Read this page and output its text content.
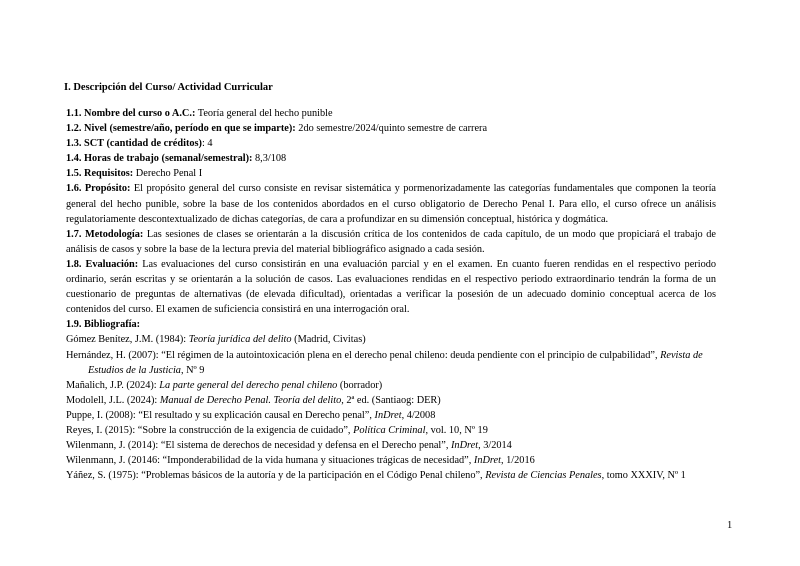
I. Descripción del Curso/ Actividad Curricular

1.1. Nombre del curso o A.C.: Teoría general del hecho punible

1.2. Nivel (semestre/año, período en que se imparte): 2do semestre/2024/quinto semestre de carrera

1.3. SCT (cantidad de créditos): 4

1.4. Horas de trabajo (semanal/semestral): 8,3/108

1.5. Requisitos: Derecho Penal I

1.6. Propósito: El propósito general del curso consiste en revisar sistemática y pormenorizadamente las categorías fundamentales que componen la teoría general del hecho punible, sobre la base de los contenidos abordados en el curso obligatorio de Derecho Penal I. Para ello, el curso ofrece un análisis regulatoriamente descontextualizado de dichas categorías, de cara a profundizar en su dimensión conceptual, histórica y dogmática.

1.7. Metodología: Las sesiones de clases se orientarán a la discusión crítica de los contenidos de cada capítulo, de un modo que propiciará el trabajo de análisis de casos y sobre la base de la lectura previa del material bibliográfico asignado a cada sesión.

1.8. Evaluación: Las evaluaciones del curso consistirán en una evaluación parcial y en el examen. En cuanto fueren rendidas en el respectivo periodo ordinario, serán escritas y se orientarán a la solución de casos. Las evaluaciones rendidas en el respectivo periodo extraordinario tendrán la forma de un cuestionario de preguntas de alternativas (de elevada dificultad), orientadas a verificar la posesión de un adecuado dominio conceptual acerca de los contenidos del curso. El examen de suficiencia consistirá en una interrogación oral.

1.9. Bibliografía:

Gómez Benítez, J.M. (1984): Teoría jurídica del delito (Madrid, Civitas)

Hernández, H. (2007): “El régimen de la autointoxicación plena en el derecho penal chileno: deuda pendiente con el principio de culpabilidad”, Revista de Estudios de la Justicia, Nº 9

Mañalich, J.P. (2024): La parte general del derecho penal chileno (borrador)

Modolell, J.L. (2024): Manual de Derecho Penal. Teoría del delito, 2ª ed. (Santiaog: DER)

Puppe, I. (2008): “El resultado y su explicación causal en Derecho penal”, InDret, 4/2008

Reyes, I. (2015): “Sobre la construcción de la exigencia de cuidado”, Política Criminal, vol. 10, Nº 19

Wilenmann, J. (2014): “El sistema de derechos de necesidad y defensa en el Derecho penal”, InDret, 3/2014

Wilenmann, J. (20146: “Imponderabilidad de la vida humana y situaciones trágicas de necesidad”, InDret, 1/2016

Yáñez, S. (1975): “Problemas básicos de la autoría y de la participación en el Código Penal chileno”, Revista de Ciencias Penales, tomo XXXIV, Nº 1

1
